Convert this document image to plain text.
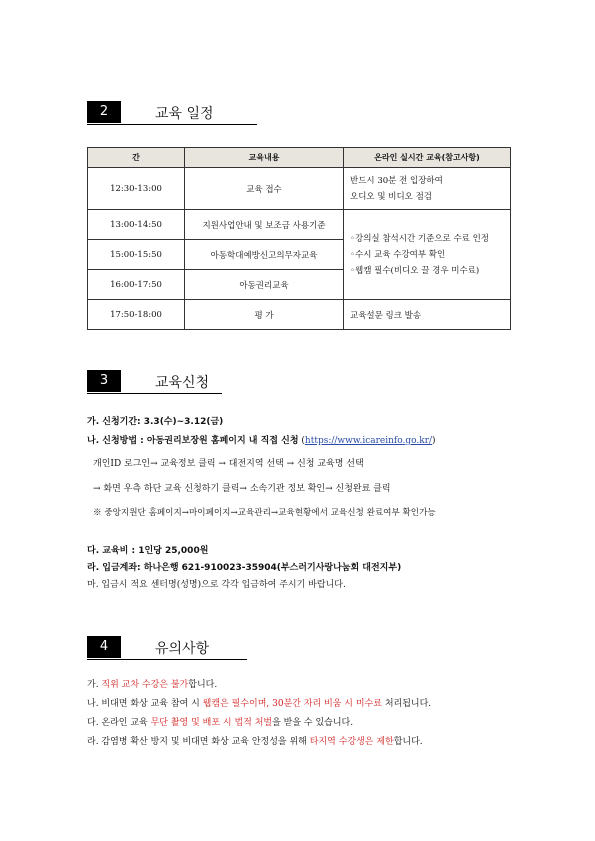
2	교육 일정
간	교육내용	온라인 실시간 교육(참고사항)
12:30-13:00	교육 접수	반드시 30분 전 입장하여
오디오 및 비디오 점검

13:00-14:50	지원사업안내 및 보조금 사용기준	◦강의실 참석시간 기준으로 수료 인정
◦수시 교육 수강여부 확인
◦웹캠 필수(비디오 끌 경우 미수료)

15:00-15:50	아동학대예방신고의무자교육	
16:00-17:50	아동권리교육	
17:50-18:00	평 가	교육설문 링크 발송
3	교육신청
가. 신청기간: 3.3(수)~3.12(금)
나. 신청방법 : 아동권리보장원 홈페이지 내 직접 신청 (https://www.icareinfo.go.kr/)
개인ID 로그인→ 교육정보 클릭 → 대전지역 선택 → 신청 교육명 선택
→ 화면 우측 하단 교육 신청하기 클릭→ 소속기관 정보 확인→ 신청완료 클릭
※ 중앙지원단 홈페이지→마이페이지→교육관리→교육현황에서 교육신청 완료여부 확인가능
다. 교육비 : 1인당 25,000원
라. 입금계좌: 하나은행 621-910023-35904(부스러기사랑나눔회 대전지부)
마. 입금시 적요 센터명(성명)으로 각각 입금하여 주시기 바랍니다.
4	유의사항
가. 직위 교차 수강은 불가합니다.
나. 비대면 화상 교육 참여 시 웹캠은 필수이며, 30분간 자리 비움 시 미수료 처리됩니다.
다. 온라인 교육 무단 촬영 및 배포 시 법적 처벌을 받을 수 있습니다.
라. 감염병 확산 방지 및 비대면 화상 교육 안정성을 위해 타지역 수강생은 제한합니다.
